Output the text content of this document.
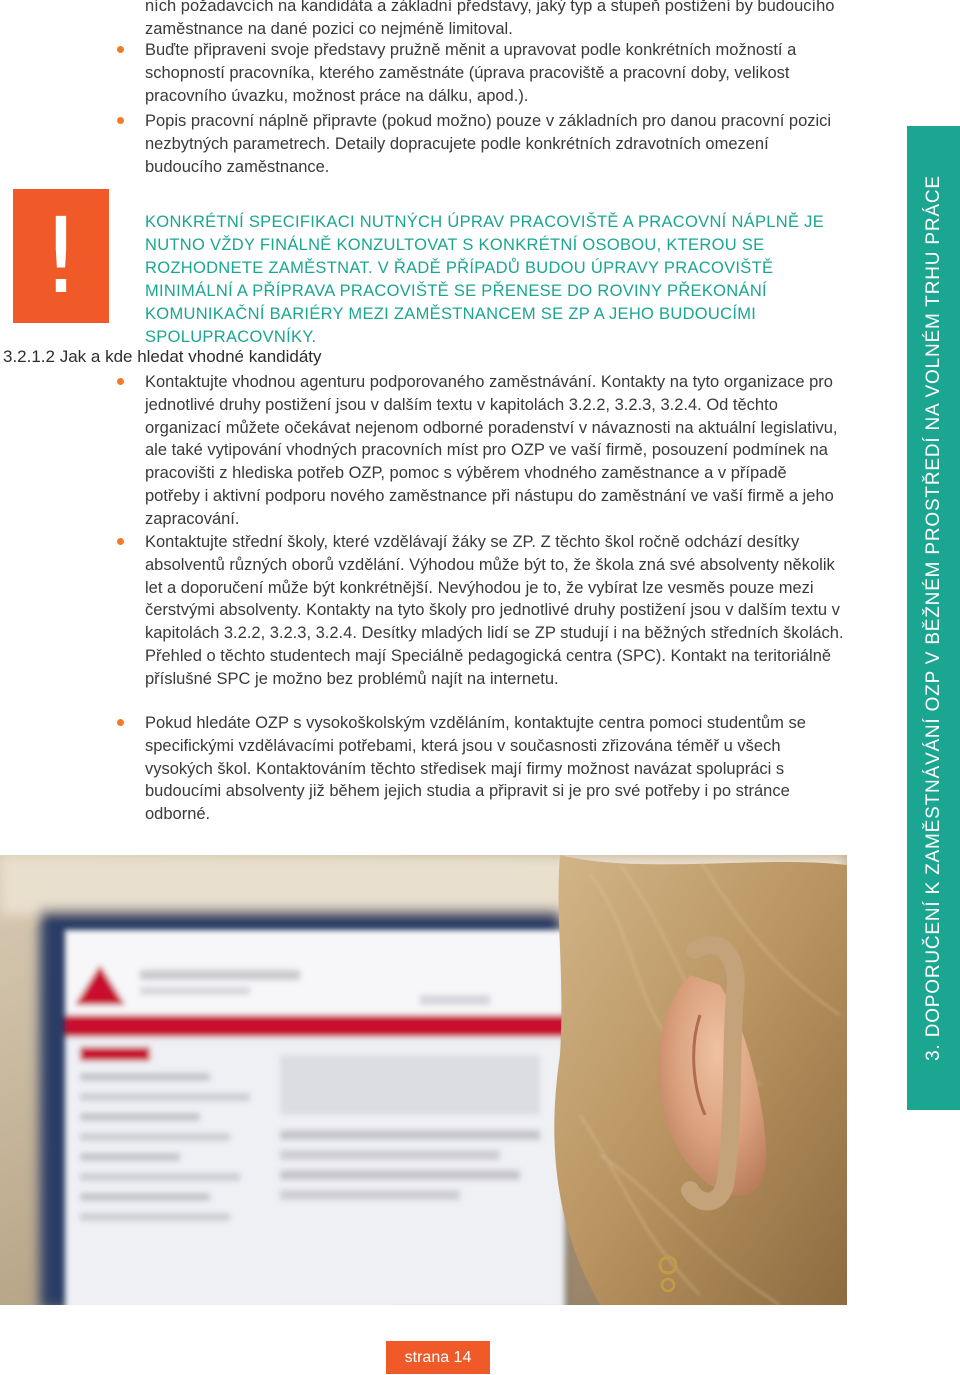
ních požadavcích na kandidáta a základní představy, jaký typ a stupeň postižení by budoucího zaměstnance na dané pozici co nejméně limitoval.
Buďte připraveni svoje představy pružně měnit a upravovat podle konkrétních možností a schopností pracovníka, kterého zaměstnáte (úprava pracoviště a pracovní doby, velikost pracovního úvazku, možnost práce na dálku, apod.).
Popis pracovní náplně připravte (pokud možno) pouze v základních pro danou pracovní pozici nezbytných parametrech. Detaily dopracujete podle konkrétních zdravotních omezení budoucího zaměstnance.
!	KONKRÉTNÍ SPECIFIKACI NUTNÝCH ÚPRAV PRACOVIŠTĚ A PRACOVNÍ NÁPLNĚ JE NUTNO VŽDY FINÁLNĚ KONZULTOVAT S KONKRÉTNÍ OSOBOU, KTEROU SE ROZHODNETE ZAMĚSTNAT. V ŘADĚ PŘÍPADŮ BUDOU ÚPRAVY PRACOVIŠTĚ MINIMÁLNÍ A PŘÍPRAVA PRACOVIŠTĚ SE PŘENESE DO ROVINY PŘEKONÁNÍ KOMUNIKAČNÍ BARIÉRY MEZI ZAMĚSTNANCEM SE ZP A JEHO BUDOUCÍMI SPOLUPRACOVNÍKY.
3.2.1.2 Jak a kde hledat vhodné kandidáty
Kontaktujte vhodnou agenturu podporovaného zaměstnávání. Kontakty na tyto organizace pro jednotlivé druhy postižení jsou v dalším textu v kapitolách 3.2.2, 3.2.3, 3.2.4. Od těchto organizací můžete očekávat nejenom odborné poradenství v návaznosti na aktuální legislativu, ale také vytipování vhodných pracovních míst pro OZP ve vaší firmě, posouzení podmínek na pracovišti z hlediska potřeb OZP, pomoc s výběrem vhodného zaměstnance a v případě potřeby i aktivní podporu nového zaměstnance při nástupu do zaměstnání ve vaší firmě a jeho zapracování.
Kontaktujte střední školy, které vzdělávají žáky se ZP. Z těchto škol ročně odchází desítky absolventů různých oborů vzdělání. Výhodou může být to, že škola zná své absolventy několik let a doporučení může být konkrétnější. Nevýhodou je to, že vybírat lze vesměs pouze mezi čerstvými absolventy. Kontakty na tyto školy pro jednotlivé druhy postižení jsou v dalším textu v kapitolách 3.2.2, 3.2.3, 3.2.4. Desítky mladých lidí se ZP studují i na běžných středních školách. Přehled o těchto studentech mají Speciálně pedagogická centra (SPC). Kontakt na teritoriálně příslušné SPC je možno bez problémů najít na internetu.
Pokud hledáte OZP s vysokoškolským vzděláním, kontaktujte centra pomoci studentům se specifickými vzdělávacími potřebami, která jsou v současnosti zřizována téměř u všech vysokých škol. Kontaktováním těchto středisek mají firmy možnost navázat spolupráci s budoucími absolventy již během jejich studia a připravit si je pro své potřeby i po stránce odborné.	3. DOPORUČENÍ K ZAMĚSTNÁVÁNÍ OZP V BĚŽNÉM PROSTŘEDÍ NA VOLNÉM TRHU PRÁCE
strana 14
